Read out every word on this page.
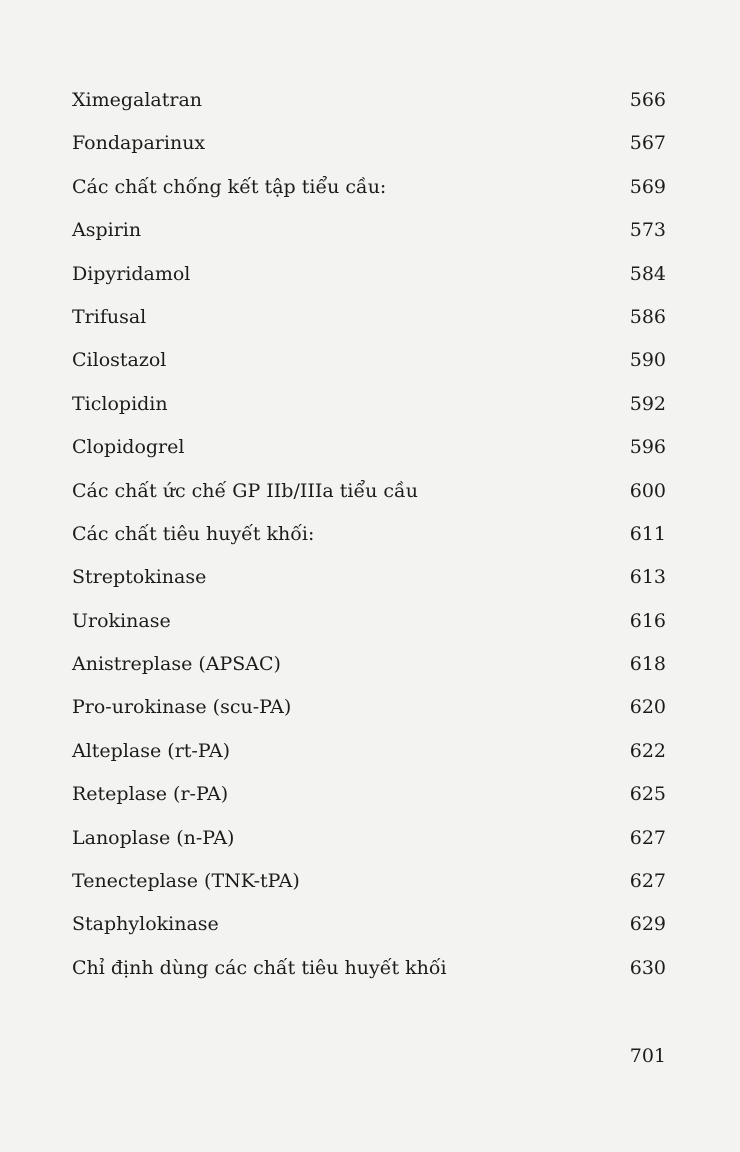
Ximegalatran	566
Fondaparinux	567
Các chất chống kết tập tiểu cầu:	569
Aspirin	573
Dipyridamol	584
Trifusal	586
Cilostazol	590
Ticlopidin	592
Clopidogrel	596
Các chất ức chế GP IIb/IIIa tiểu cầu	600
Các chất tiêu huyết khối:	611
Streptokinase	613
Urokinase	616
Anistreplase (APSAC)	618
Pro-urokinase (scu-PA)	620
Alteplase (rt-PA)	622
Reteplase (r-PA)	625
Lanoplase (n-PA)	627
Tenecteplase (TNK-tPA)	627
Staphylokinase	629
Chỉ định dùng các chất tiêu huyết khối	630
701
